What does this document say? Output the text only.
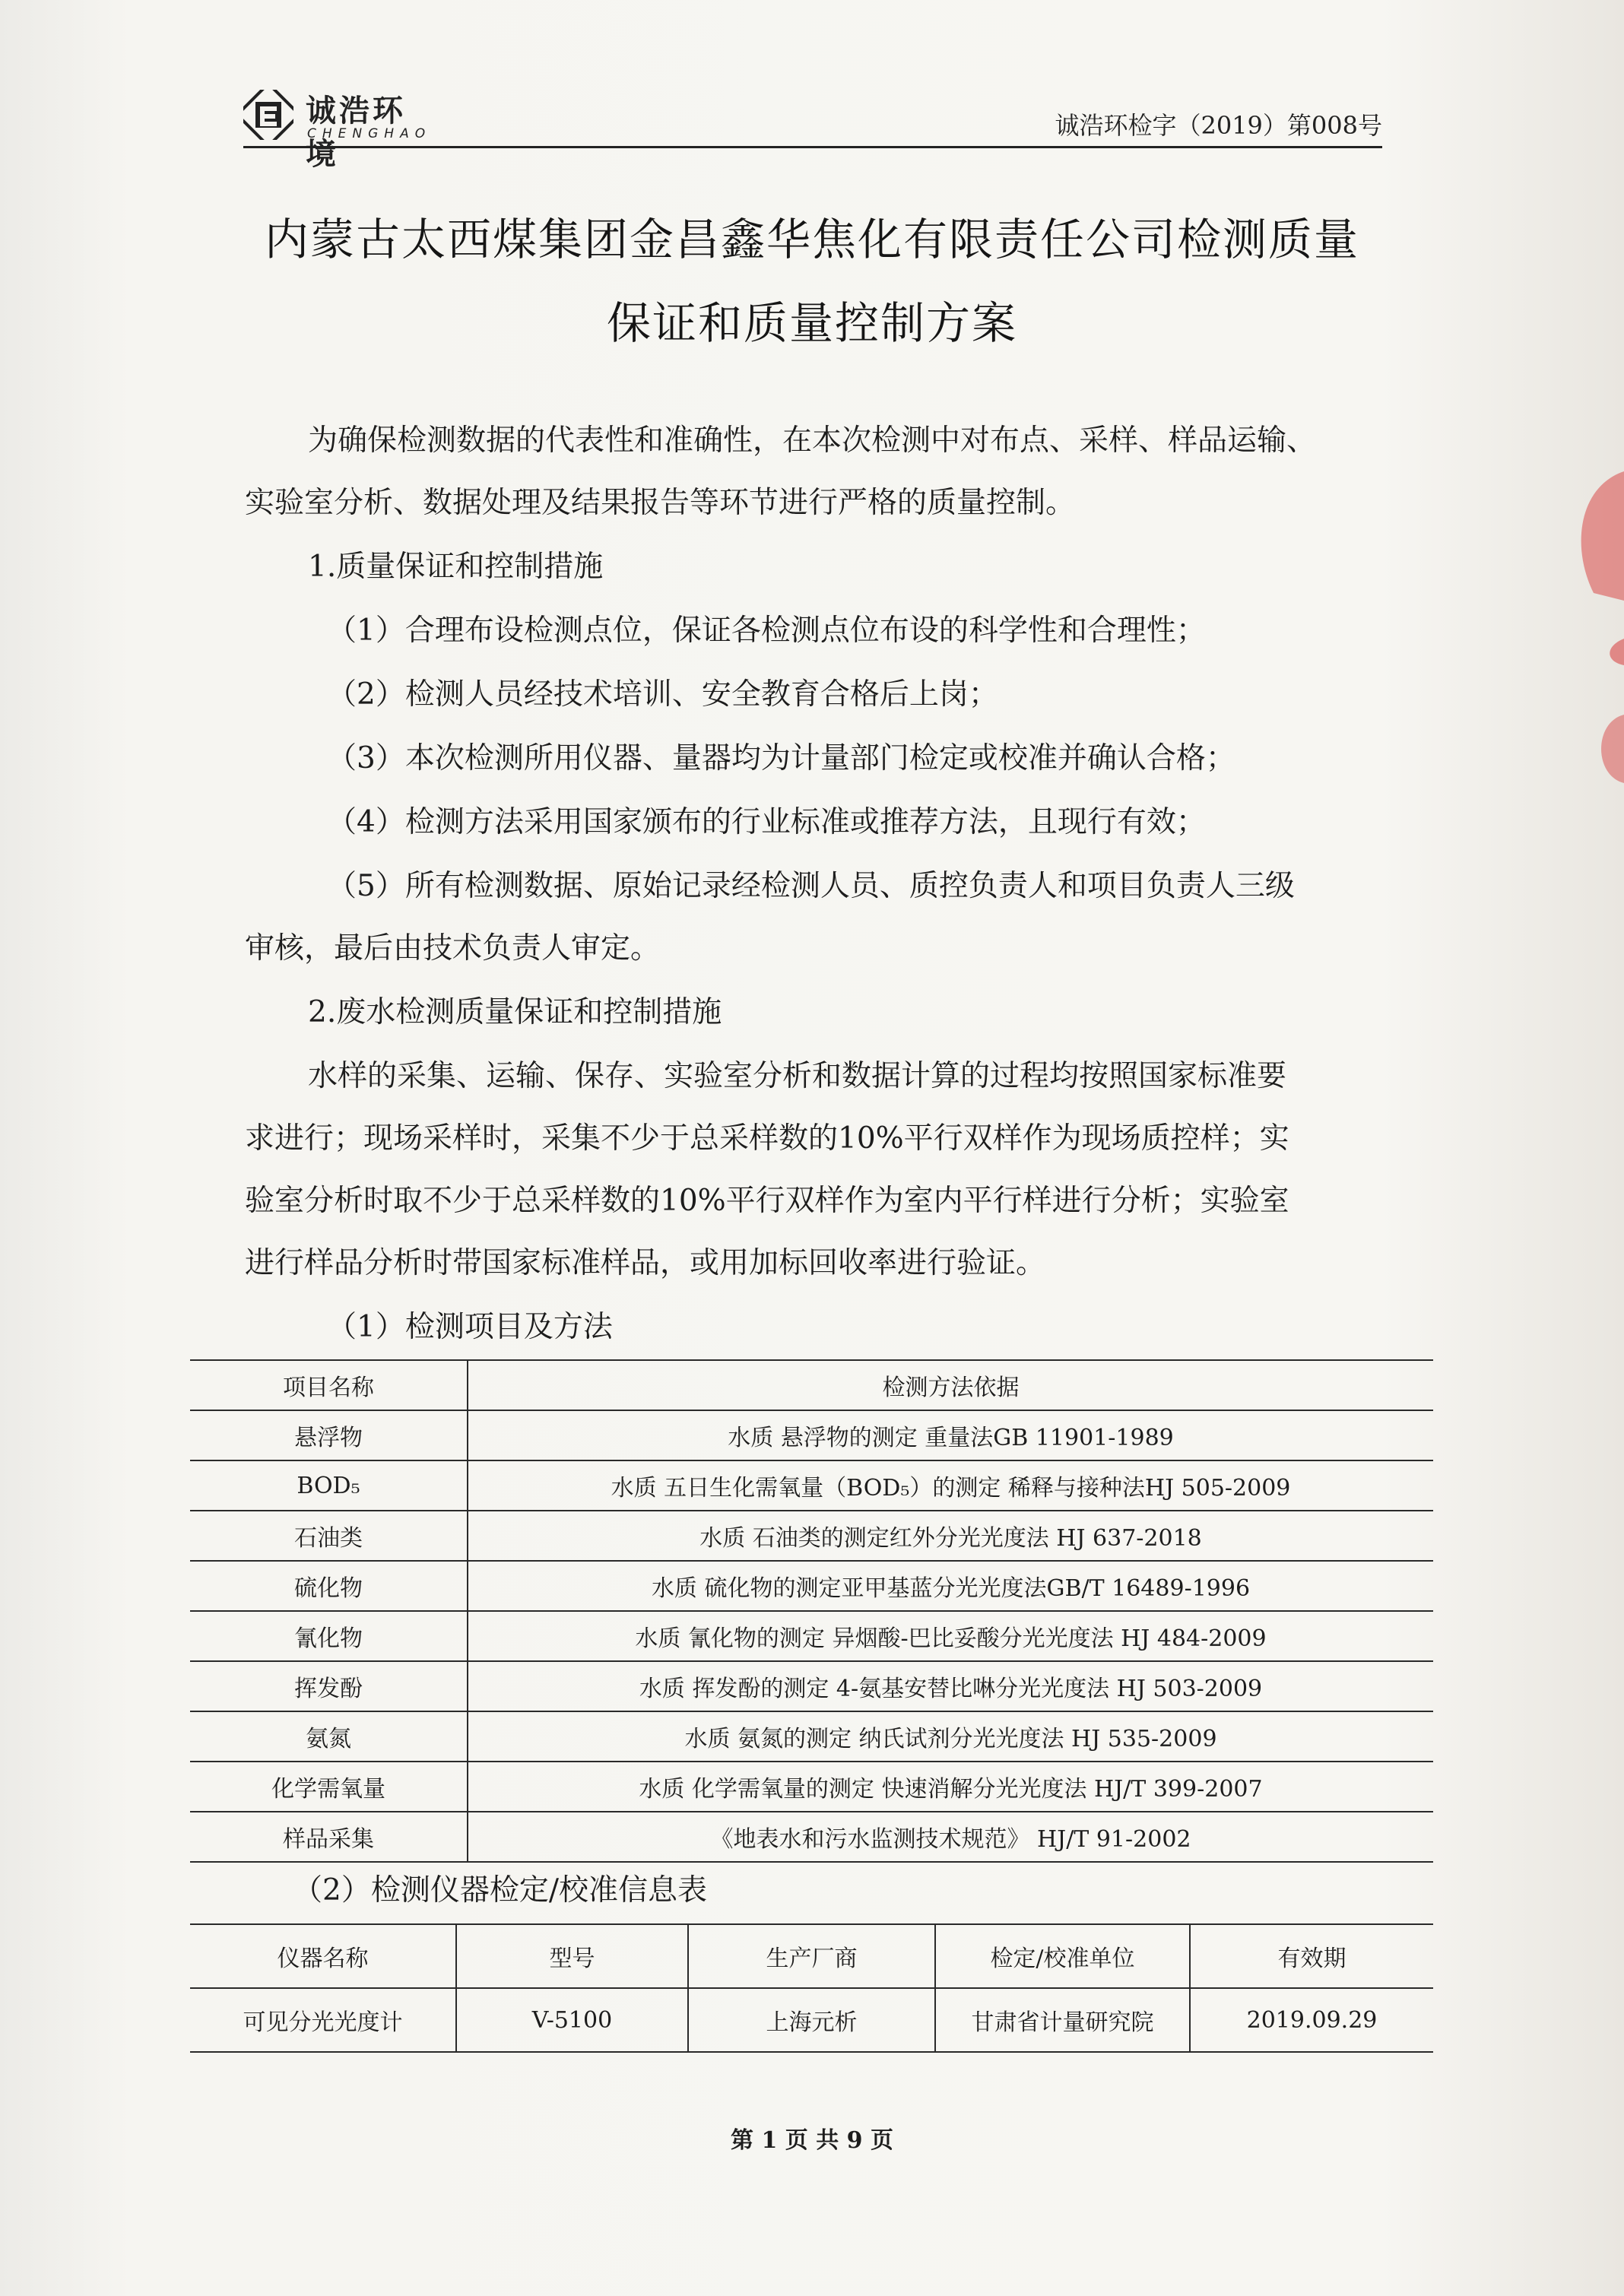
诚浩环境
CHENGHAO	诚浩环检字（2019）第008号
内蒙古太西煤集团金昌鑫华焦化有限责任公司检测质量
保证和质量控制方案
为确保检测数据的代表性和准确性，在本次检测中对布点、采样、样品运输、
实验室分析、数据处理及结果报告等环节进行严格的质量控制。
1.质量保证和控制措施
（1）合理布设检测点位，保证各检测点位布设的科学性和合理性；
（2）检测人员经技术培训、安全教育合格后上岗；
（3）本次检测所用仪器、量器均为计量部门检定或校准并确认合格；
（4）检测方法采用国家颁布的行业标准或推荐方法，且现行有效；
（5）所有检测数据、原始记录经检测人员、质控负责人和项目负责人三级
审核，最后由技术负责人审定。
2.废水检测质量保证和控制措施
水样的采集、运输、保存、实验室分析和数据计算的过程均按照国家标准要
求进行；现场采样时，采集不少于总采样数的10%平行双样作为现场质控样；实
验室分析时取不少于总采样数的10%平行双样作为室内平行样进行分析；实验室
进行样品分析时带国家标准样品，或用加标回收率进行验证。
（1）检测项目及方法
项目名称	检测方法依据
悬浮物	水质 悬浮物的测定 重量法GB 11901-1989
BOD₅	水质 五日生化需氧量（BOD₅）的测定 稀释与接种法HJ 505-2009
石油类	水质 石油类的测定红外分光光度法 HJ 637-2018
硫化物	水质 硫化物的测定亚甲基蓝分光光度法GB/T 16489-1996
氰化物	水质 氰化物的测定 异烟酸-巴比妥酸分光光度法 HJ 484-2009
挥发酚	水质 挥发酚的测定 4-氨基安替比啉分光光度法 HJ 503-2009
氨氮	水质 氨氮的测定 纳氏试剂分光光度法 HJ 535-2009
化学需氧量	水质 化学需氧量的测定 快速消解分光光度法 HJ/T 399-2007
样品采集	《地表水和污水监测技术规范》 HJ/T 91-2002
（2）检测仪器检定/校准信息表
仪器名称	型号	生产厂商	检定/校准单位	有效期
可见分光光度计	V-5100	上海元析	甘肃省计量研究院	2019.09.29
第 1 页 共 9 页
